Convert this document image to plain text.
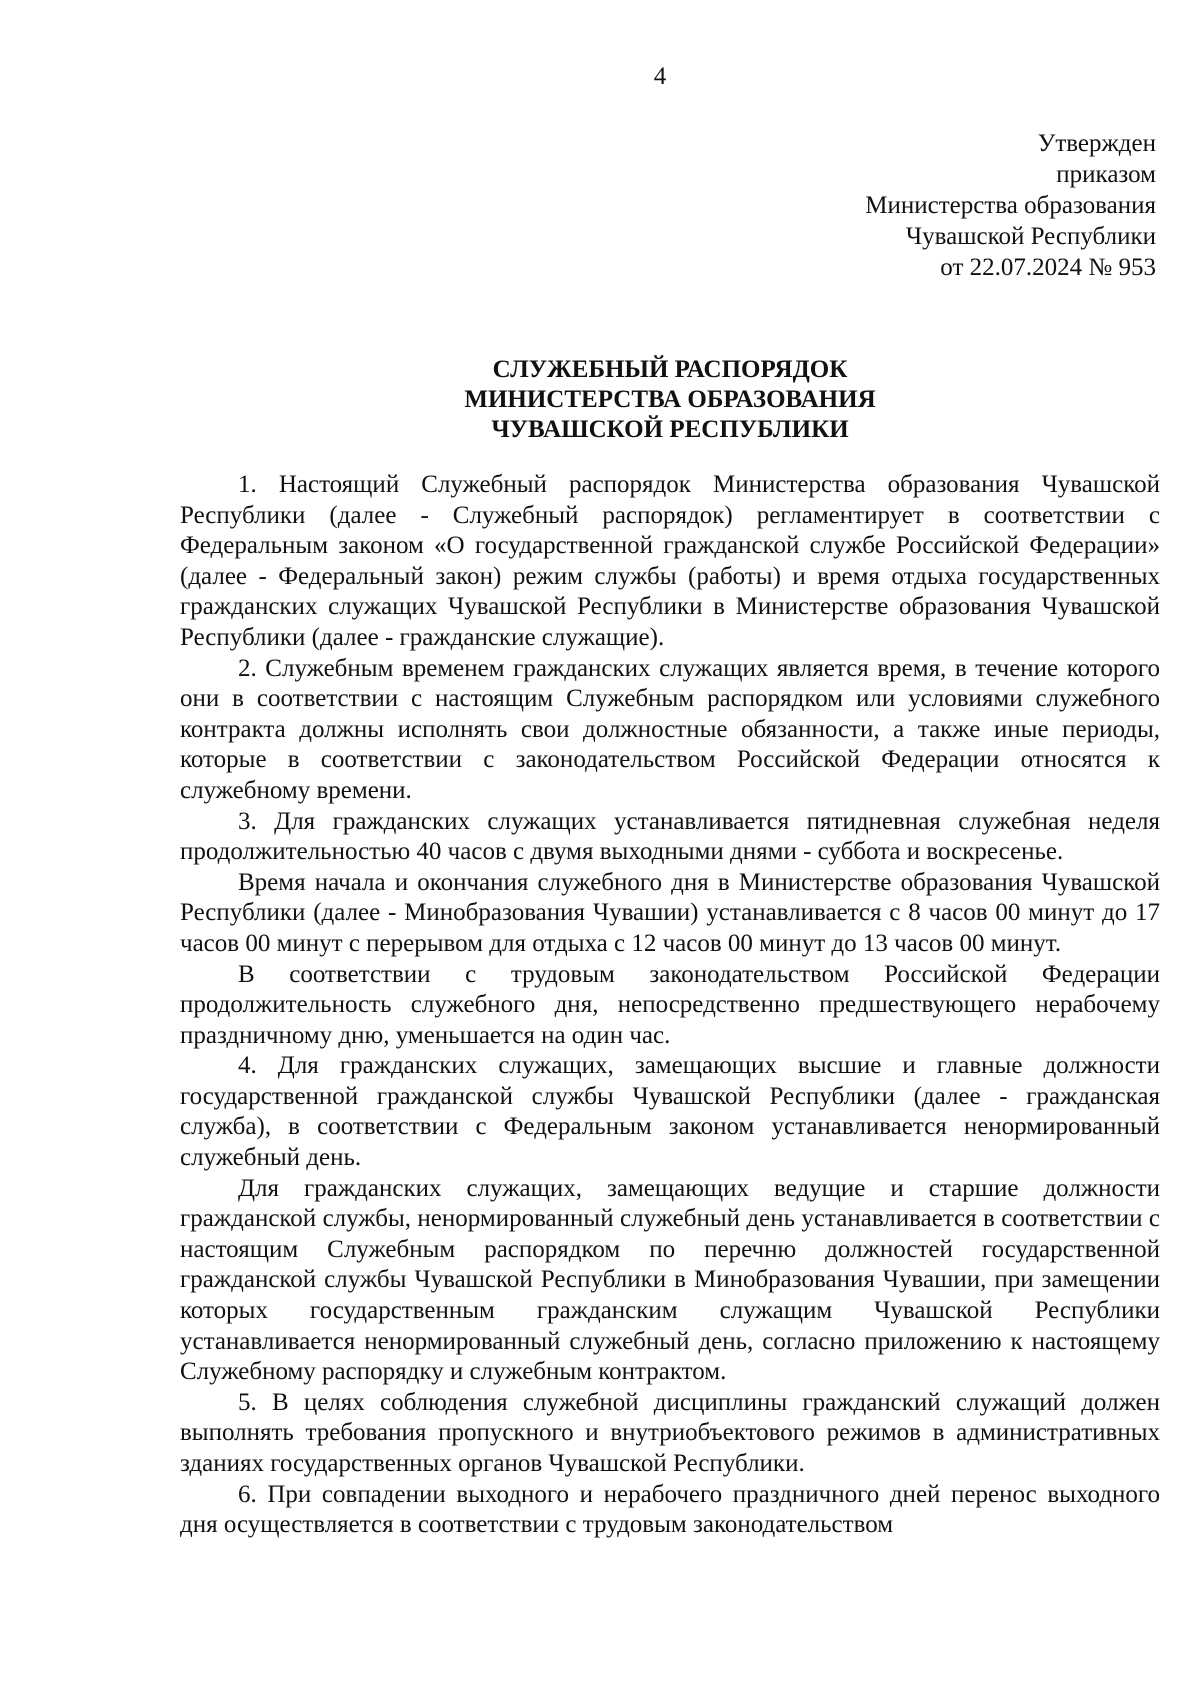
4
Утвержден
приказом
Министерства образования
Чувашской Республики
от 22.07.2024 № 953
СЛУЖЕБНЫЙ РАСПОРЯДОК
МИНИСТЕРСТВА ОБРАЗОВАНИЯ
ЧУВАШСКОЙ РЕСПУБЛИКИ

1. Настоящий Служебный распорядок Министерства образования Чувашской Республики (далее - Служебный распорядок) регламентирует в соответствии с Федеральным законом «О государственной гражданской службе Российской Федерации» (далее - Федеральный закон) режим службы (работы) и время отдыха государственных гражданских служащих Чувашской Республики в Министерстве образования Чувашской Республики (далее - гражданские служащие).

2. Служебным временем гражданских служащих является время, в течение которого они в соответствии с настоящим Служебным распорядком или условиями служебного контракта должны исполнять свои должностные обязанности, а также иные периоды, которые в соответствии с законодательством Российской Федерации относятся к служебному времени.

3. Для гражданских служащих устанавливается пятидневная служебная неделя продолжительностью 40 часов с двумя выходными днями - суббота и воскресенье.

Время начала и окончания служебного дня в Министерстве образования Чувашской Республики (далее - Минобразования Чувашии) устанавливается с 8 часов 00 минут до 17 часов 00 минут с перерывом для отдыха с 12 часов 00 минут до 13 часов 00 минут.

В соответствии с трудовым законодательством Российской Федерации продолжительность служебного дня, непосредственно предшествующего нерабочему праздничному дню, уменьшается на один час.

4. Для гражданских служащих, замещающих высшие и главные должности государственной гражданской службы Чувашской Республики (далее - гражданская служба), в соответствии с Федеральным законом устанавливается ненормированный служебный день.

Для гражданских служащих, замещающих ведущие и старшие должности гражданской службы, ненормированный служебный день устанавливается в соответствии с настоящим Служебным распорядком по перечню должностей государственной гражданской службы Чувашской Республики в Минобразования Чувашии, при замещении которых государственным гражданским служащим Чувашской Республики устанавливается ненормированный служебный день, согласно приложению к настоящему Служебному распорядку и служебным контрактом.

5. В целях соблюдения служебной дисциплины гражданский служащий должен выполнять требования пропускного и внутриобъектового режимов в административных зданиях государственных органов Чувашской Республики.

6. При совпадении выходного и нерабочего праздничного дней перенос выходного дня осуществляется в соответствии с трудовым законодательством
